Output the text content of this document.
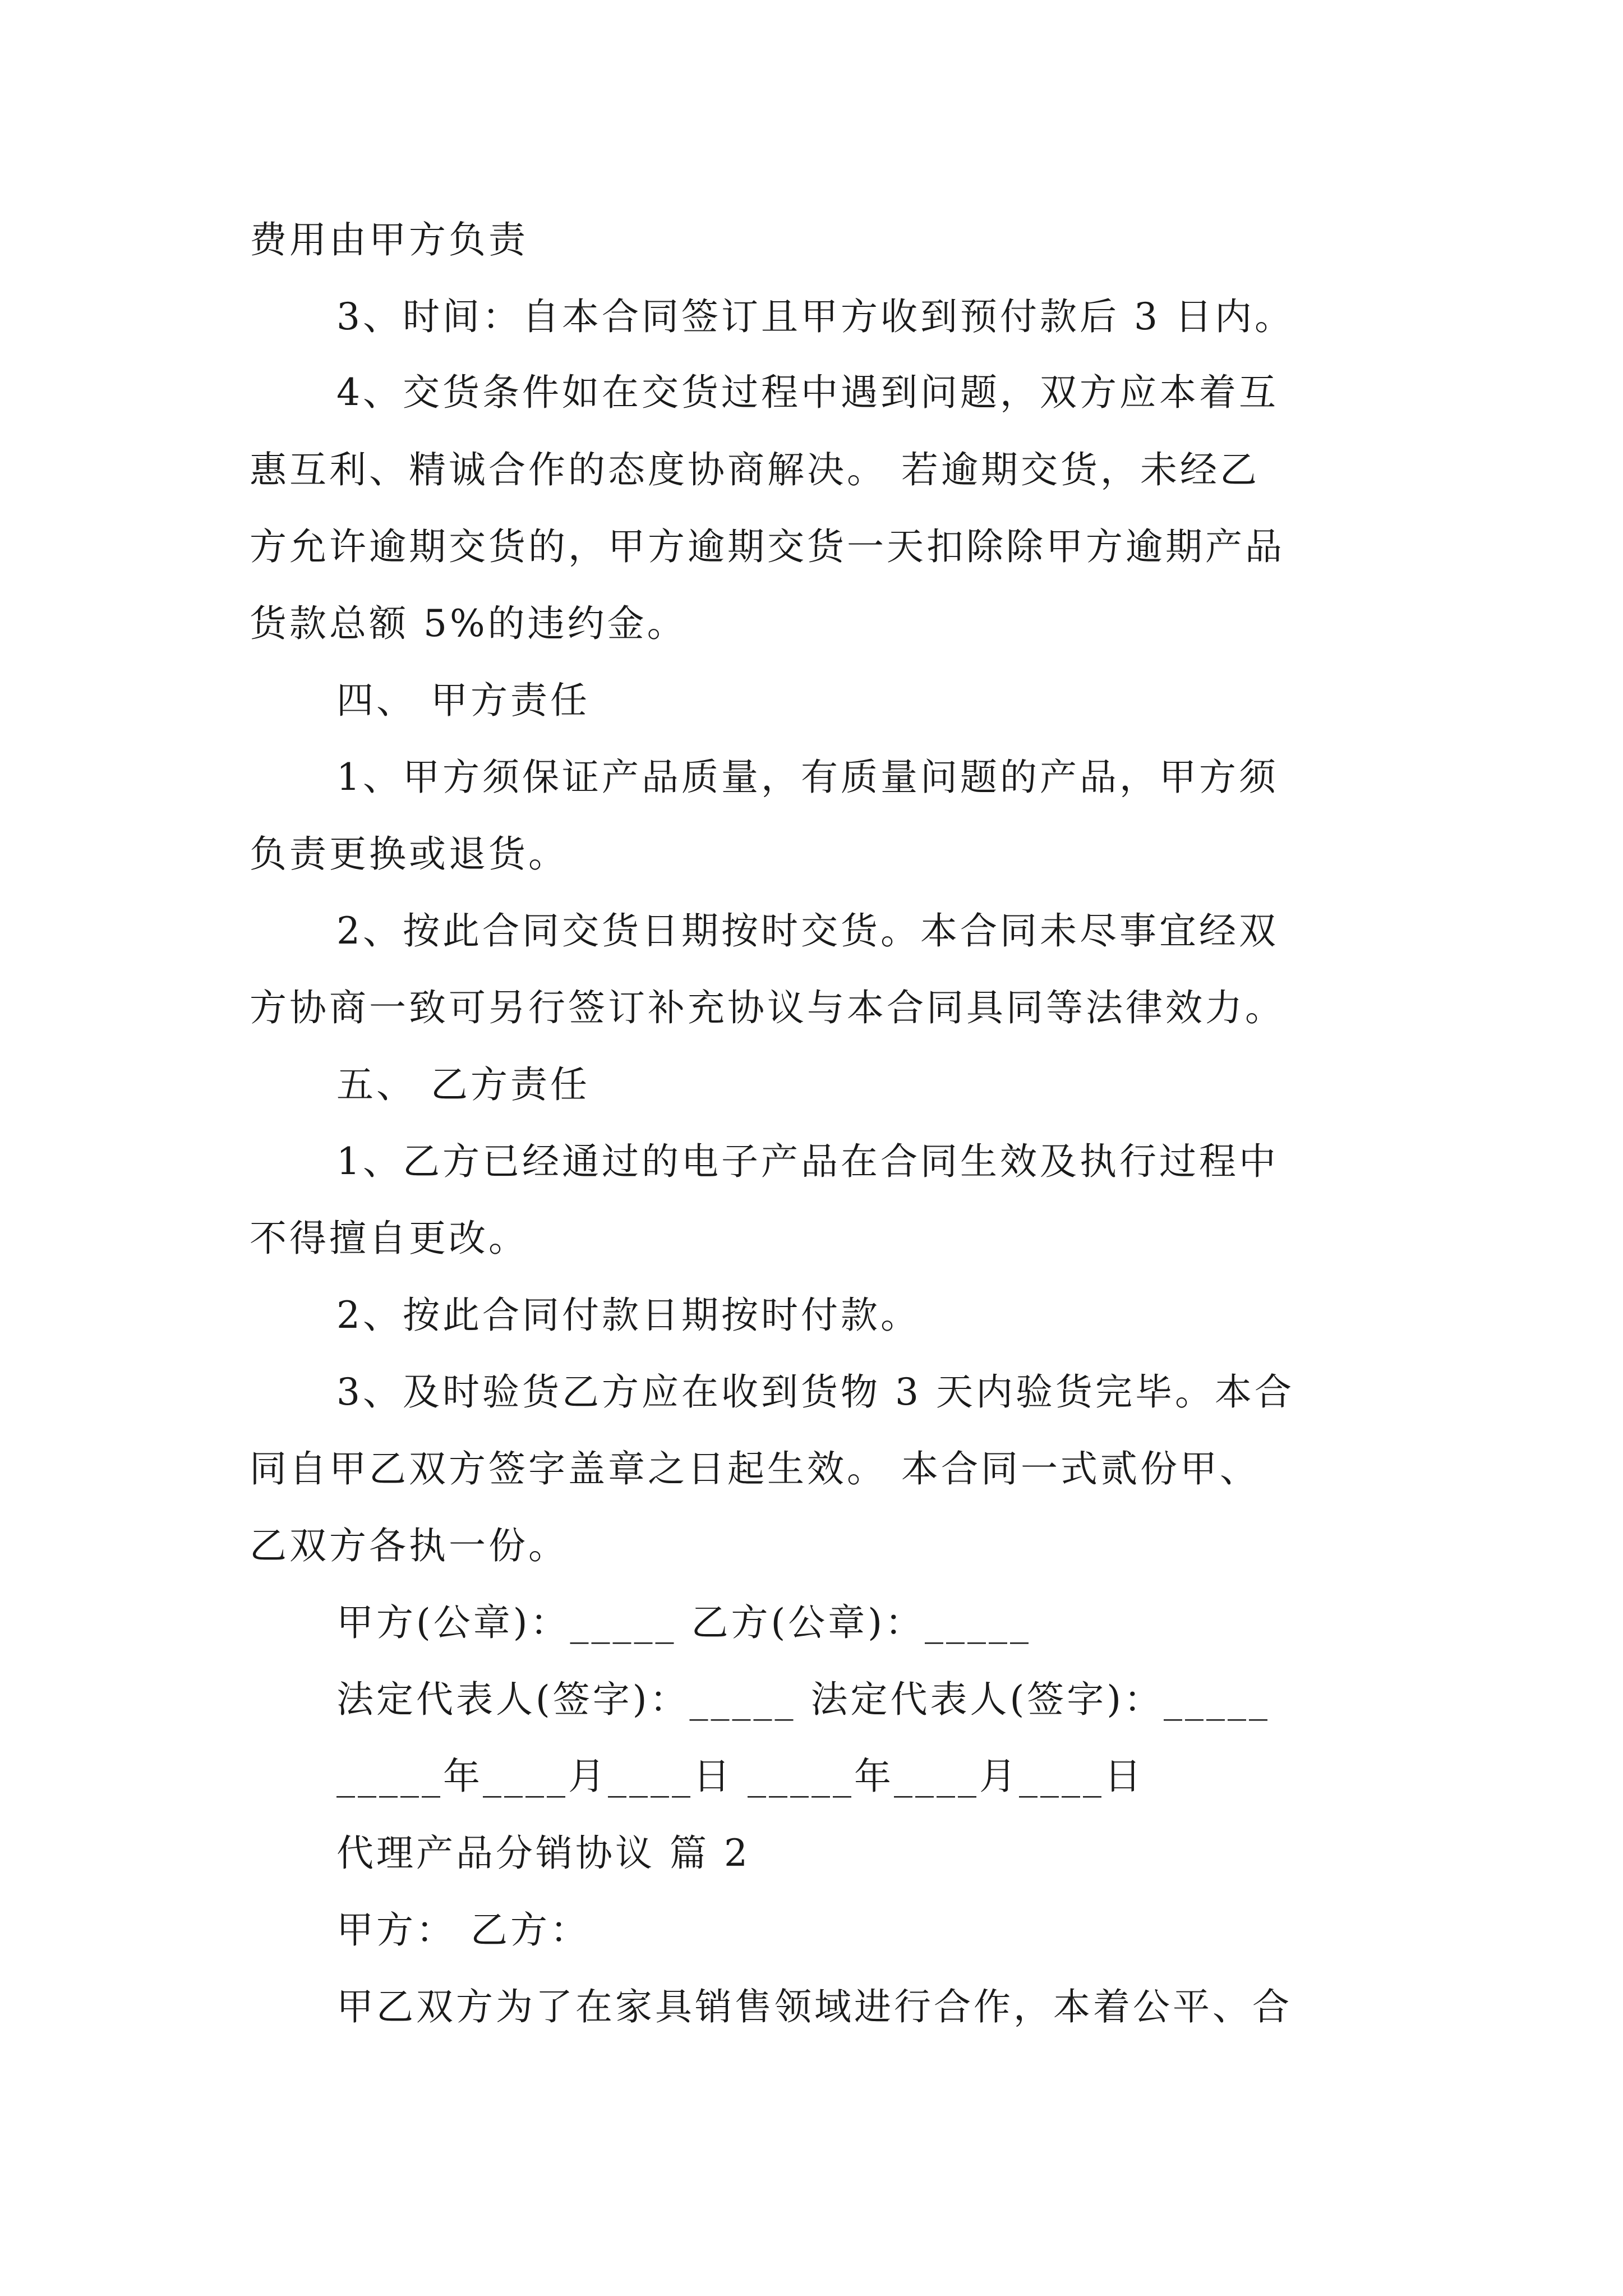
费用由甲方负责
3、时间：自本合同签订且甲方收到预付款后 3 日内。
4、交货条件如在交货过程中遇到问题，双方应本着互
惠互利、精诚合作的态度协商解决。 若逾期交货，未经乙
方允许逾期交货的，甲方逾期交货一天扣除除甲方逾期产品
货款总额 5%的违约金。
四、 甲方责任
1、甲方须保证产品质量，有质量问题的产品，甲方须
负责更换或退货。
2、按此合同交货日期按时交货。本合同未尽事宜经双
方协商一致可另行签订补充协议与本合同具同等法律效力。
五、 乙方责任
1、乙方已经通过的电子产品在合同生效及执行过程中
不得擅自更改。
2、按此合同付款日期按时付款。
3、及时验货乙方应在收到货物 3 天内验货完毕。本合
同自甲乙双方签字盖章之日起生效。 本合同一式贰份甲、
乙双方各执一份。
甲方(公章)：_____ 乙方(公章)：_____
法定代表人(签字)：_____ 法定代表人(签字)：_____
_____年____月____日 _____年____月____日
代理产品分销协议 篇 2
甲方： 乙方：
甲乙双方为了在家具销售领域进行合作，本着公平、合
